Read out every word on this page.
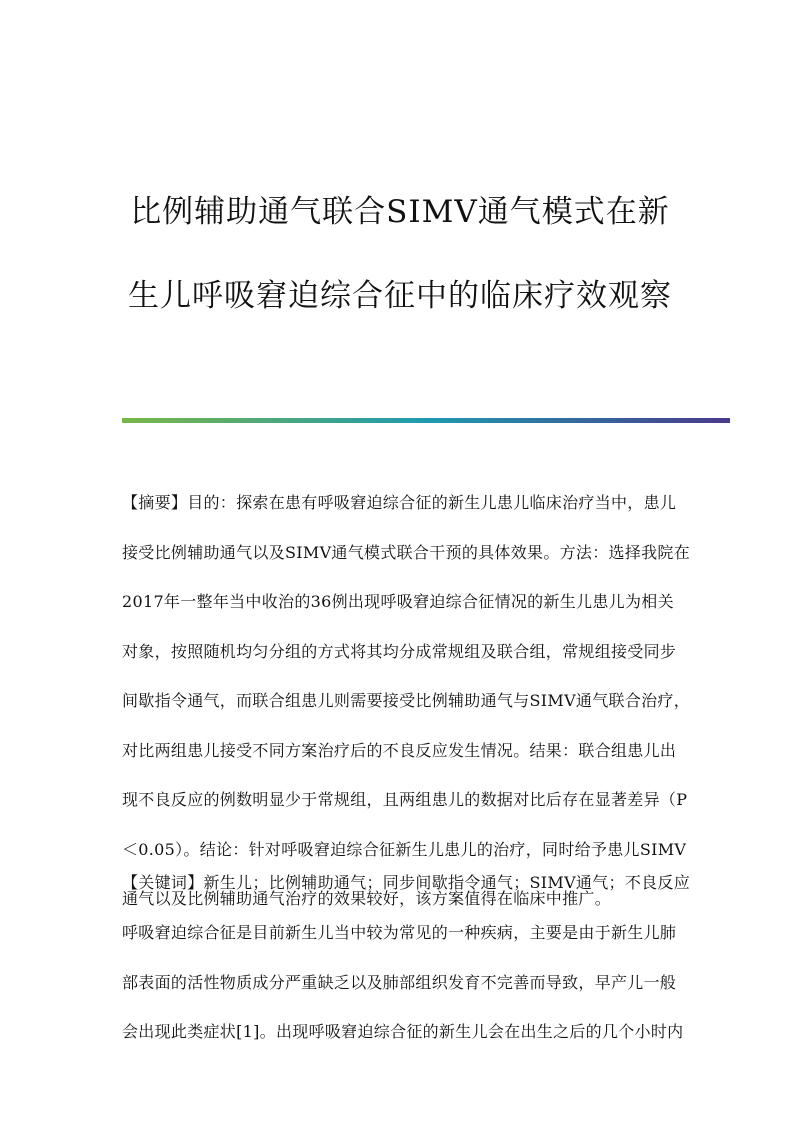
比例辅助通气联合SIMV通气模式在新
生儿呼吸窘迫综合征中的临床疗效观察
【摘要】目的：探索在患有呼吸窘迫综合征的新生儿患儿临床治疗当中，患儿
接受比例辅助通气以及SIMV通气模式联合干预的具体效果。方法：选择我院在
2017年一整年当中收治的36例出现呼吸窘迫综合征情况的新生儿患儿为相关
对象，按照随机均匀分组的方式将其均分成常规组及联合组，常规组接受同步
间歇指令通气，而联合组患儿则需要接受比例辅助通气与SIMV通气联合治疗，
对比两组患儿接受不同方案治疗后的不良反应发生情况。结果：联合组患儿出
现不良反应的例数明显少于常规组，且两组患儿的数据对比后存在显著差异（P
＜0.05）。结论：针对呼吸窘迫综合征新生儿患儿的治疗，同时给予患儿SIMV
通气以及比例辅助通气治疗的效果较好，该方案值得在临床中推广。
【关键词】新生儿；比例辅助通气；同步间歇指令通气；SIMV通气；不良反应
呼吸窘迫综合征是目前新生儿当中较为常见的一种疾病，主要是由于新生儿肺
部表面的活性物质成分严重缺乏以及肺部组织发育不完善而导致，早产儿一般
会出现此类症状[1]。出现呼吸窘迫综合征的新生儿会在出生之后的几个小时内
